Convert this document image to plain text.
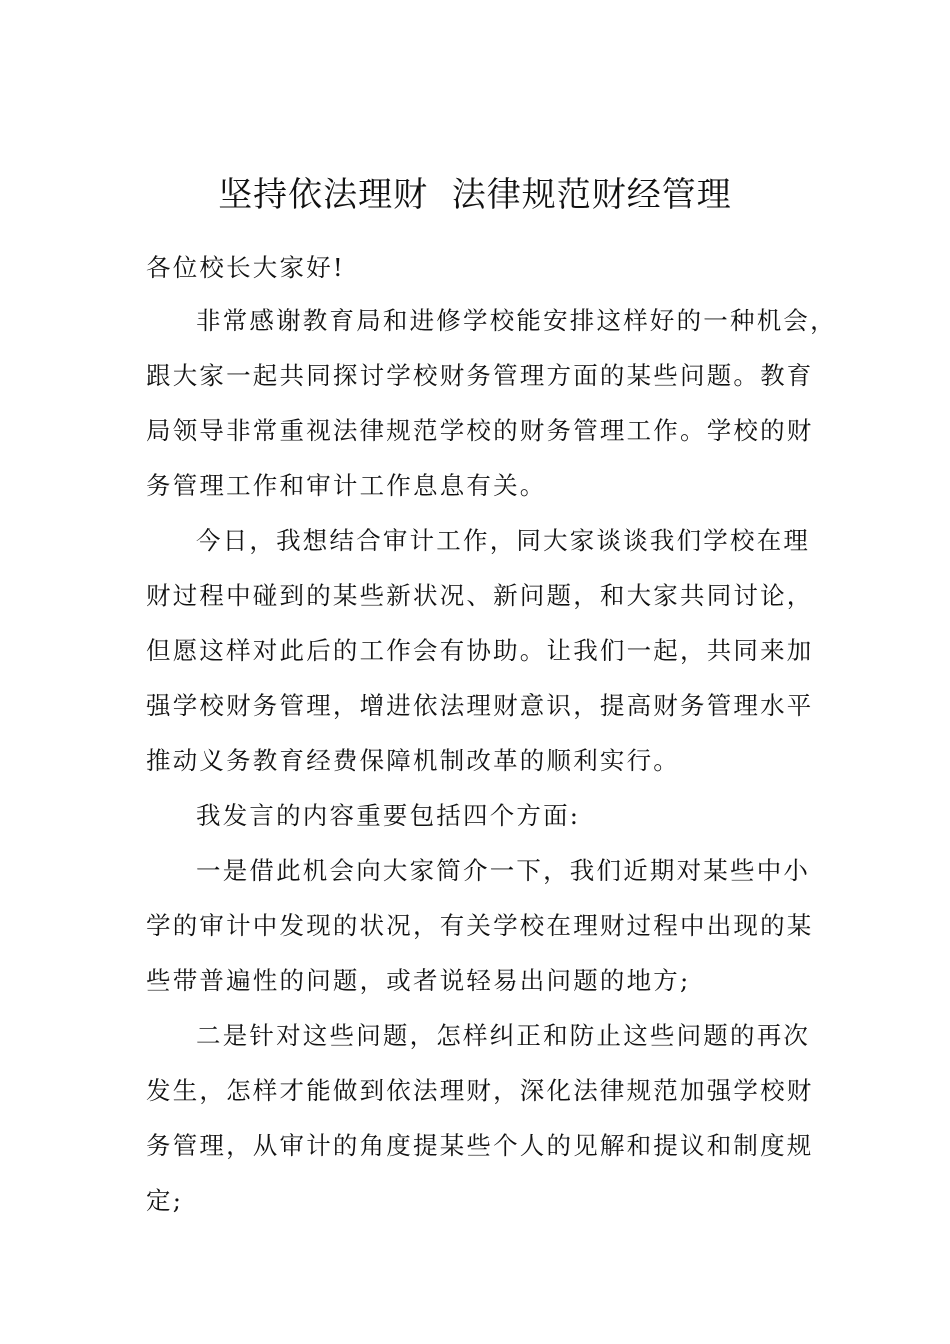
坚持依法理财  法律规范财经管理
各位校长大家好!
非常感谢教育局和进修学校能安排这样好的一种机会，
跟大家一起共同探讨学校财务管理方面的某些问题。教育
局领导非常重视法律规范学校的财务管理工作。学校的财
务管理工作和审计工作息息有关。
今日，我想结合审计工作，同大家谈谈我们学校在理
财过程中碰到的某些新状况、新问题，和大家共同讨论，
但愿这样对此后的工作会有协助。让我们一起，共同来加
强学校财务管理，增进依法理财意识，提高财务管理水平
推动义务教育经费保障机制改革的顺利实行。
我发言的内容重要包括四个方面:
一是借此机会向大家简介一下，我们近期对某些中小
学的审计中发现的状况，有关学校在理财过程中出现的某
些带普遍性的问题，或者说轻易出问题的地方;
二是针对这些问题，怎样纠正和防止这些问题的再次
发生，怎样才能做到依法理财，深化法律规范加强学校财
务管理，从审计的角度提某些个人的见解和提议和制度规
定;
